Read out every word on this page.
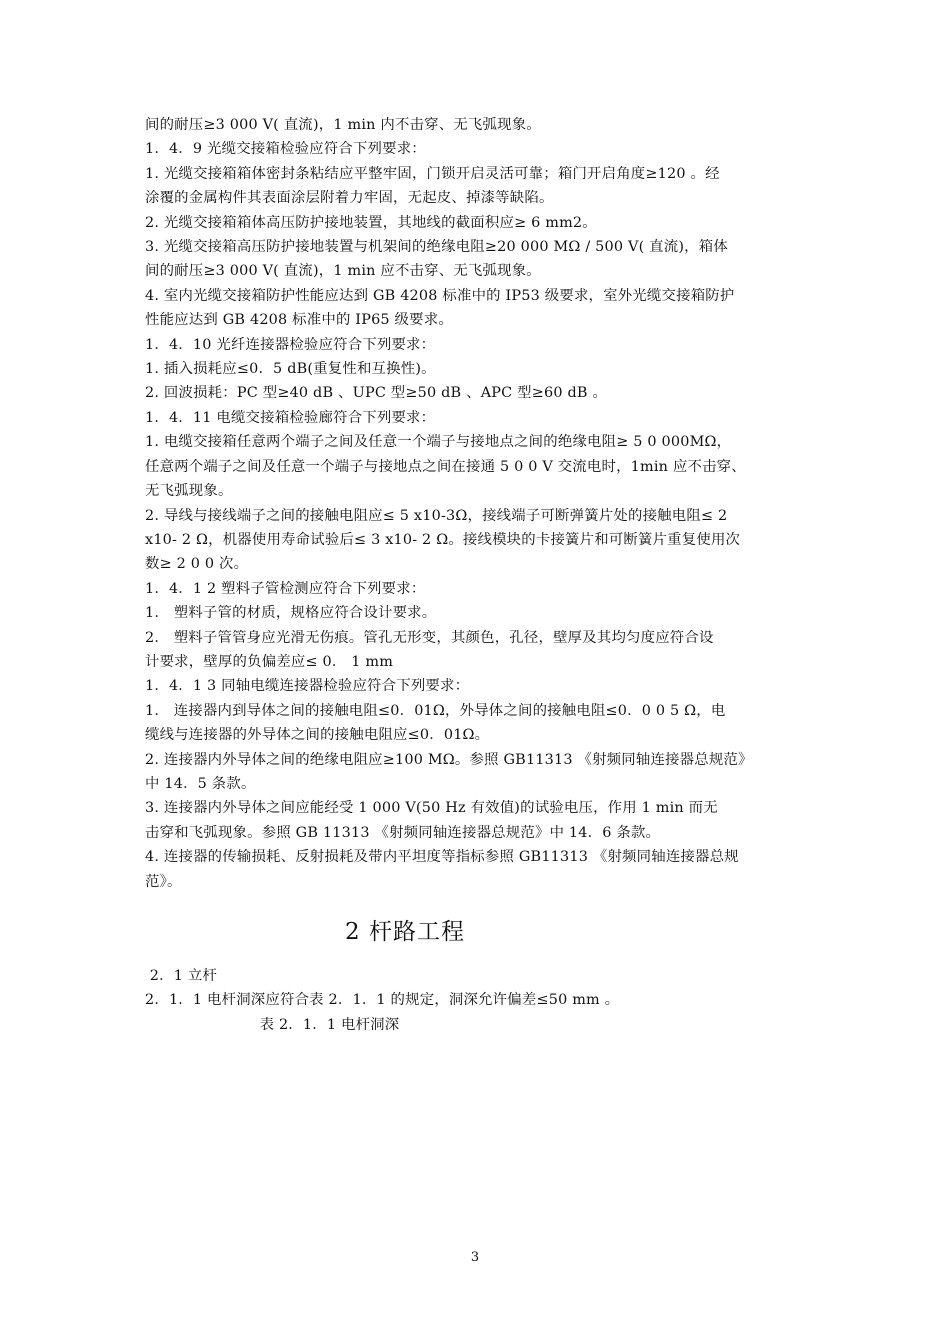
间的耐压≥3 000 V( 直流)，1 min 内不击穿、无飞弧现象。
1．4．9 光缆交接箱检验应符合下列要求：
1. 光缆交接箱箱体密封条粘结应平整牢固，门锁开启灵活可靠；箱门开启角度≥120 。经
涂覆的金属构件其表面涂层附着力牢固，无起皮、掉漆等缺陷。
2. 光缆交接箱箱体高压防护接地装置，其地线的截面积应≥ 6 mm2。
3. 光缆交接箱高压防护接地装置与机架间的绝缘电阻≥20 000 MΩ / 500 V( 直流)，箱体
间的耐压≥3 000 V( 直流)，1 min 应不击穿、无飞弧现象。
4. 室内光缆交接箱防护性能应达到 GB 4208 标准中的 IP53 级要求，室外光缆交接箱防护
性能应达到 GB 4208 标准中的 IP65 级要求。
1．4．10 光纤连接器检验应符合下列要求：
1. 插入损耗应≤0．5 dB(重复性和互换性)。
2. 回波损耗：PC 型≥40 dB 、UPC 型≥50 dB 、APC 型≥60 dB 。
1．4．11 电缆交接箱检验廊符合下列要求：
1. 电缆交接箱任意两个端子之间及任意一个端子与接地点之间的绝缘电阻≥ 5 0 000MΩ，
任意两个端子之间及任意一个端子与接地点之间在接通 5 0 0 V 交流电时，1min 应不击穿、
无飞弧现象。
2. 导线与接线端子之间的接触电阻应≤ 5 x10-3Ω，接线端子可断弹簧片处的接触电阻≤ 2
x10- 2 Ω，机器使用寿命试验后≤ 3 x10- 2 Ω。接线模块的卡接簧片和可断簧片重复使用次
数≥ 2 0 0 次。
1．4．1 2 塑料子管检测应符合下列要求：
1． 塑料子管的材质，规格应符合设计要求。
2． 塑料子管管身应光滑无伤痕。管孔无形变，其颜色，孔径，壁厚及其均匀度应符合设
计要求，壁厚的负偏差应≤ 0． 1 mm
1．4．1 3 同轴电缆连接器检验应符合下列要求：
1． 连接器内到导体之间的接触电阻≤0．01Ω，外导体之间的接触电阻≤0．0 0 5 Ω，电
缆线与连接器的外导体之间的接触电阻应≤0．01Ω。
2. 连接器内外导体之间的绝缘电阻应≥100 MΩ。参照 GB11313 《射频同轴连接器总规范》
中 14．5 条款。
3. 连接器内外导体之间应能经受 1 000 V(50 Hz 有效值)的试验电压，作用 1 min 而无
击穿和飞弧现象。参照 GB 11313 《射频同轴连接器总规范》中 14．6 条款。
4. 连接器的传输损耗、反射损耗及带内平坦度等指标参照 GB11313 《射频同轴连接器总规
范》。
2 杆路工程
2．1 立杆
2．1．1 电杆洞深应符合表 2．1．1 的规定，洞深允许偏差≤50 mm 。
表 2．1．1 电杆洞深
3
